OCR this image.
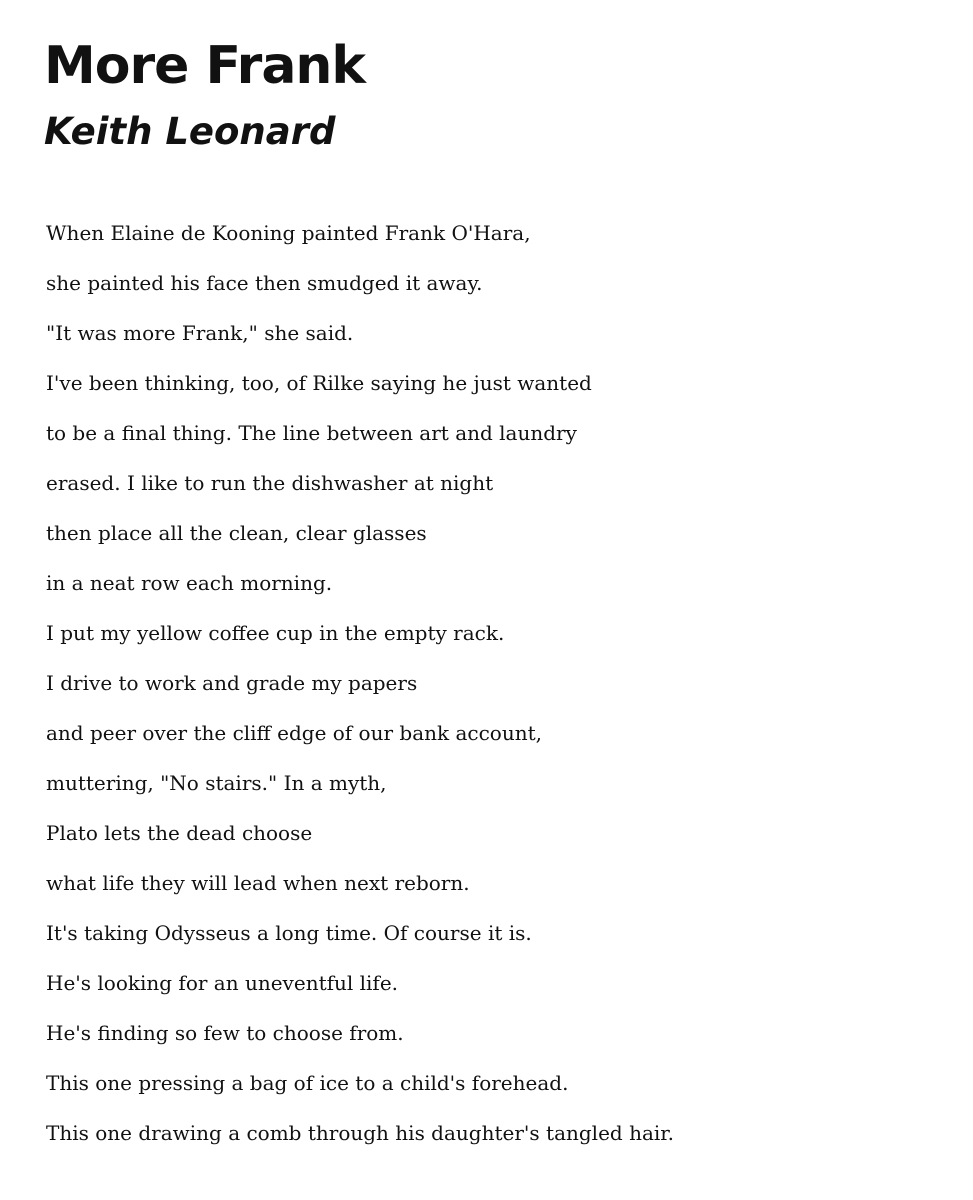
More Frank
Keith Leonard
When Elaine de Kooning painted Frank O'Hara,
she painted his face then smudged it away.
"It was more Frank," she said.
I've been thinking, too, of Rilke saying he just wanted
to be a final thing. The line between art and laundry
erased. I like to run the dishwasher at night
then place all the clean, clear glasses
in a neat row each morning.
I put my yellow coffee cup in the empty rack.
I drive to work and grade my papers
and peer over the cliff edge of our bank account,
muttering, "No stairs." In a myth,
Plato lets the dead choose
what life they will lead when next reborn.
It's taking Odysseus a long time. Of course it is.
He's looking for an uneventful life.
He's finding so few to choose from.
This one pressing a bag of ice to a child's forehead.
This one drawing a comb through his daughter's tangled hair.
